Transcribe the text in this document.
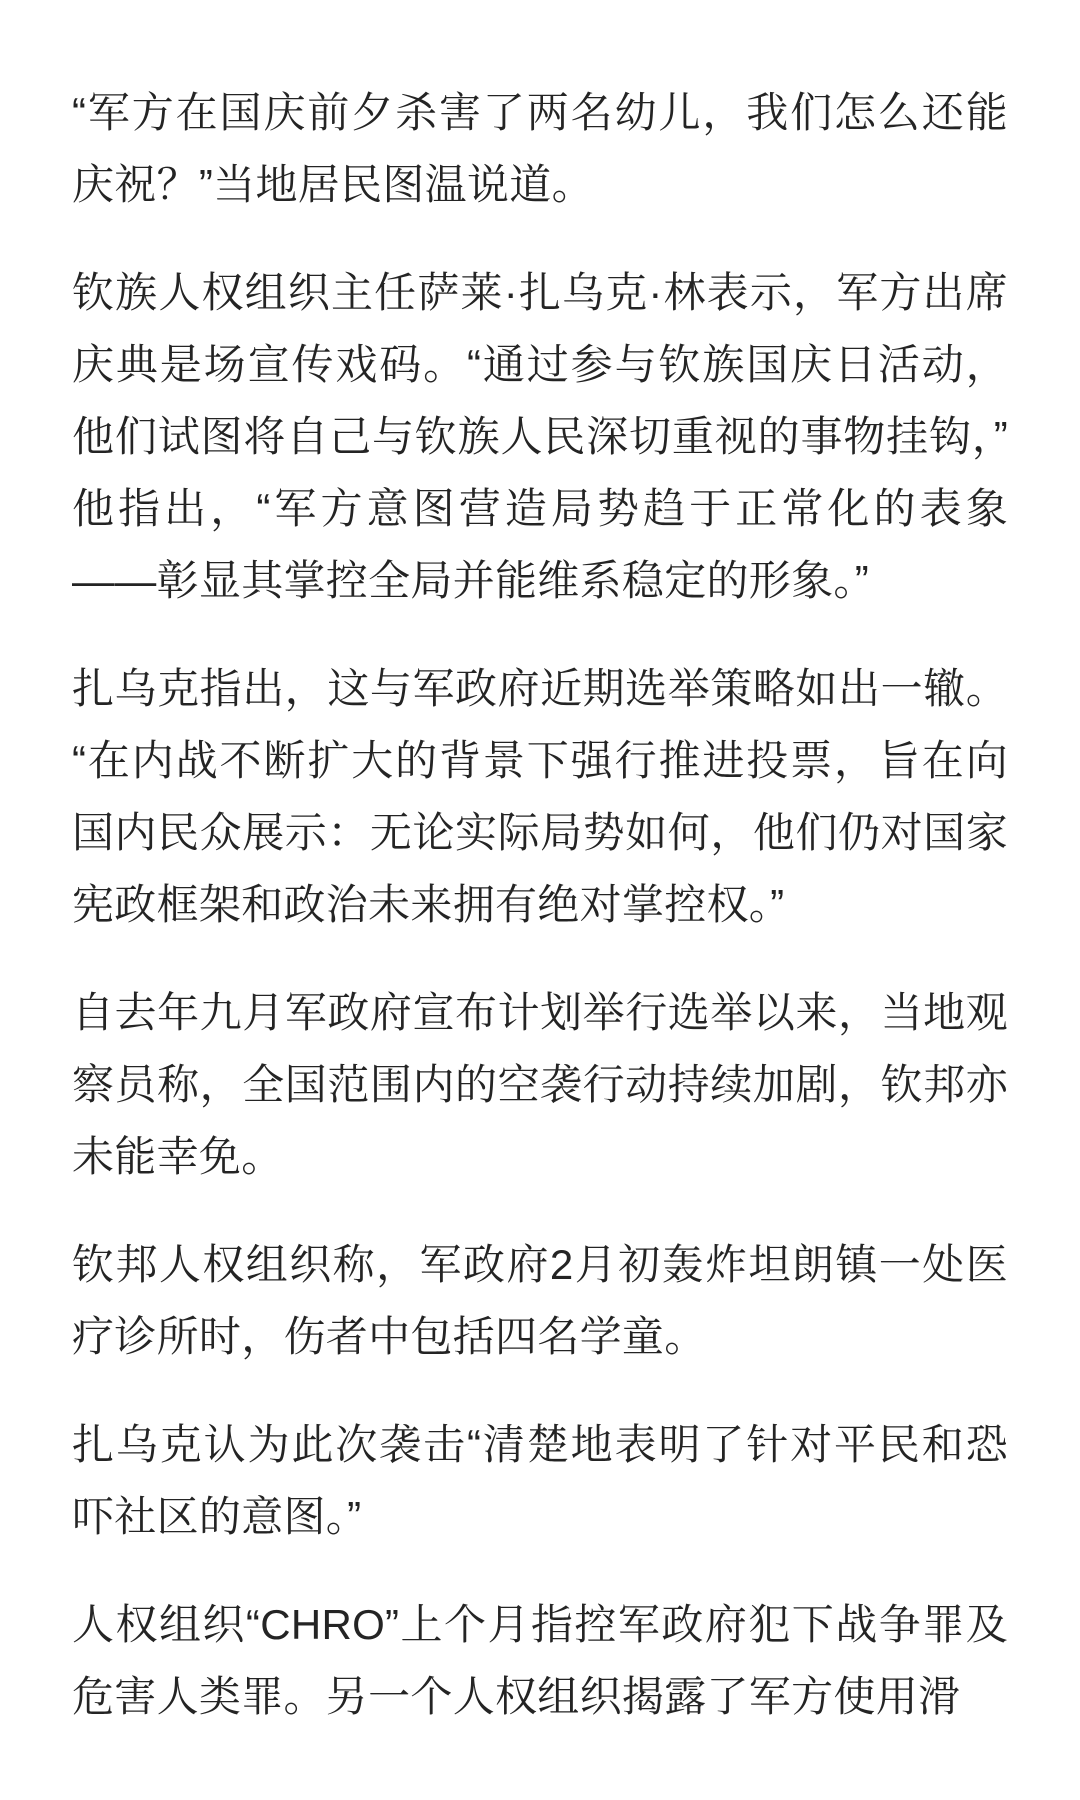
“军方在国庆前夕杀害了两名幼儿，我们怎么还能庆祝？”当地居民图温说道。

钦族人权组织主任萨莱·扎乌克·林表示，军方出席庆典是场宣传戏码。“通过参与钦族国庆日活动，他们试图将自己与钦族人民深切重视的事物挂钩，”他指出，“军方意图营造局势趋于正常化的表象——彰显其掌控全局并能维系稳定的形象。”

扎乌克指出，这与军政府近期选举策略如出一辙。“在内战不断扩大的背景下强行推进投票，旨在向国内民众展示：无论实际局势如何，他们仍对国家宪政框架和政治未来拥有绝对掌控权。”

自去年九月军政府宣布计划举行选举以来，当地观察员称，全国范围内的空袭行动持续加剧，钦邦亦未能幸免。

钦邦人权组织称，军政府2月初轰炸坦朗镇一处医疗诊所时，伤者中包括四名学童。

扎乌克认为此次袭击“清楚地表明了针对平民和恐吓社区的意图。”

人权组织“CHRO”上个月指控军政府犯下战争罪及危害人类罪。另一个人权组织揭露了军方使用滑
